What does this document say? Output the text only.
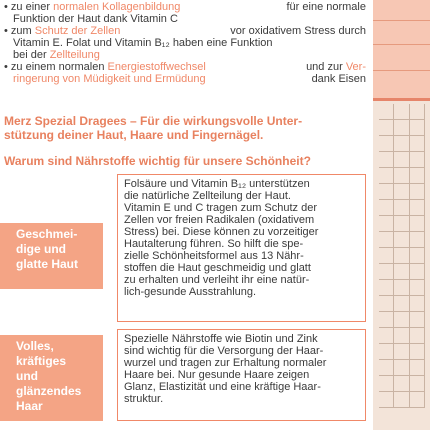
• zu einer normalen Kollagenbildung	für eine normale
Funktion der Haut dank Vitamin C
• zum Schutz der Zellen	vor oxidativem Stress durch
Vitamin E. Folat und Vitamin B₁₂ haben eine Funktion
bei der Zellteilung
• zu einem normalen Energiestoffwechsel	und zur Ver-
ringerung von Müdigkeit und Ermüdung	dank Eisen
Merz Spezial Dragees – Für die wirkungsvolle Unter-
stützung deiner Haut, Haare und Fingernägel.
Warum sind Nährstoffe wichtig für unsere Schönheit?
Geschmei-
dige und
glatte Haut
Folsäure und Vitamin B₁₂ unterstützen
die natürliche Zellteilung der Haut.
Vitamin E und C tragen zum Schutz der
Zellen vor freien Radikalen (oxidativem
Stress) bei. Diese können zu vorzeitiger
Hautalterung führen. So hilft die spe-
zielle Schönheitsformel aus 13 Nähr-
stoffen die Haut geschmeidig und glatt
zu erhalten und verleiht ihr eine natür-
lich-gesunde Ausstrahlung.
Volles,
kräftiges
und
glänzendes
Haar
Spezielle Nährstoffe wie Biotin und Zink
sind wichtig für die Versorgung der Haar-
wurzel und tragen zur Erhaltung normaler
Haare bei. Nur gesunde Haare zeigen
Glanz, Elastizität und eine kräftige Haar-
struktur.
